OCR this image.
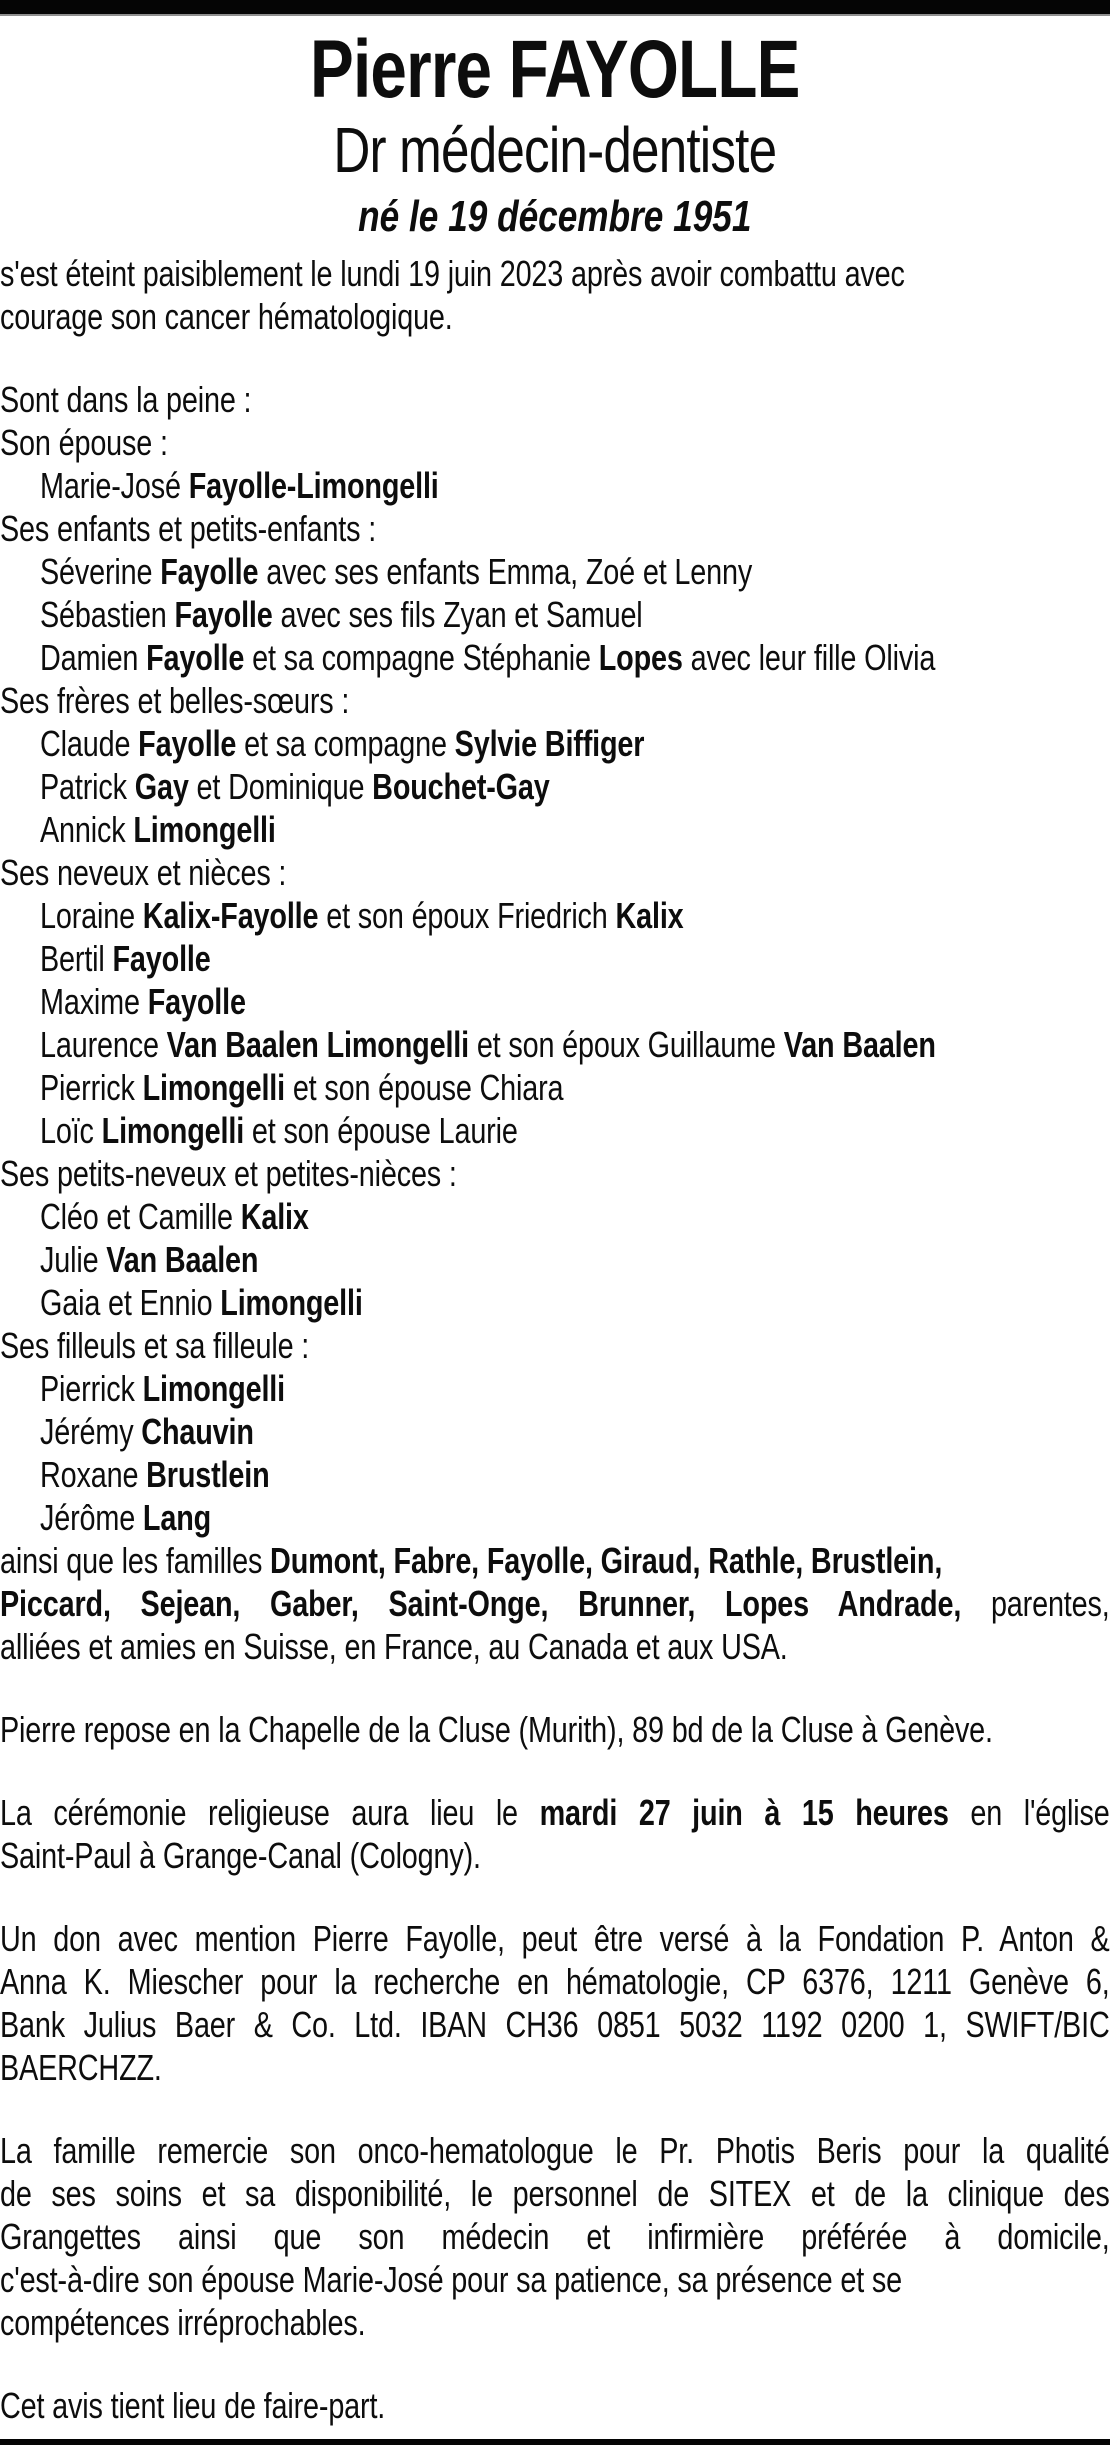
Pierre FAYOLLE
Dr médecin-dentiste
né le 19 décembre 1951
s'est éteint paisiblement le lundi 19 juin 2023 après avoir combattu avec
courage son cancer hématologique.
Sont dans la peine :
Son épouse :
Marie-José Fayolle-Limongelli
Ses enfants et petits-enfants :
Séverine Fayolle avec ses enfants Emma, Zoé et Lenny
Sébastien Fayolle avec ses fils Zyan et Samuel
Damien Fayolle et sa compagne Stéphanie Lopes avec leur fille Olivia
Ses frères et belles-sœurs :
Claude Fayolle et sa compagne Sylvie Biffiger
Patrick Gay et Dominique Bouchet-Gay
Annick Limongelli
Ses neveux et nièces :
Loraine Kalix-Fayolle et son époux Friedrich Kalix
Bertil Fayolle
Maxime Fayolle
Laurence Van Baalen Limongelli et son époux Guillaume Van Baalen
Pierrick Limongelli et son épouse Chiara
Loïc Limongelli et son épouse Laurie
Ses petits-neveux et petites-nièces :
Cléo et Camille Kalix
Julie Van Baalen
Gaia et Ennio Limongelli
Ses filleuls et sa filleule :
Pierrick Limongelli
Jérémy Chauvin
Roxane Brustlein
Jérôme Lang
ainsi que les familles Dumont, Fabre, Fayolle, Giraud, Rathle, Brustlein,
Piccard, Sejean, Gaber, Saint-Onge, Brunner, Lopes Andrade, parentes,
alliées et amies en Suisse, en France, au Canada et aux USA.
Pierre repose en la Chapelle de la Cluse (Murith), 89 bd de la Cluse à Genève.
La cérémonie religieuse aura lieu le mardi 27 juin à 15 heures en l'église
Saint-Paul à Grange-Canal (Cologny).
Un don avec mention Pierre Fayolle, peut être versé à la Fondation P. Anton &
Anna K. Miescher pour la recherche en hématologie, CP 6376, 1211 Genève 6,
Bank Julius Baer & Co. Ltd. IBAN CH36 0851 5032 1192 0200 1, SWIFT/BIC
BAERCHZZ.
La famille remercie son onco-hematologue le Pr. Photis Beris pour la qualité
de ses soins et sa disponibilité, le personnel de SITEX et de la clinique des
Grangettes ainsi que son médecin et infirmière préférée à domicile,
c'est-à-dire son épouse Marie-José pour sa patience, sa présence et se
compétences irréprochables.
Cet avis tient lieu de faire-part.
